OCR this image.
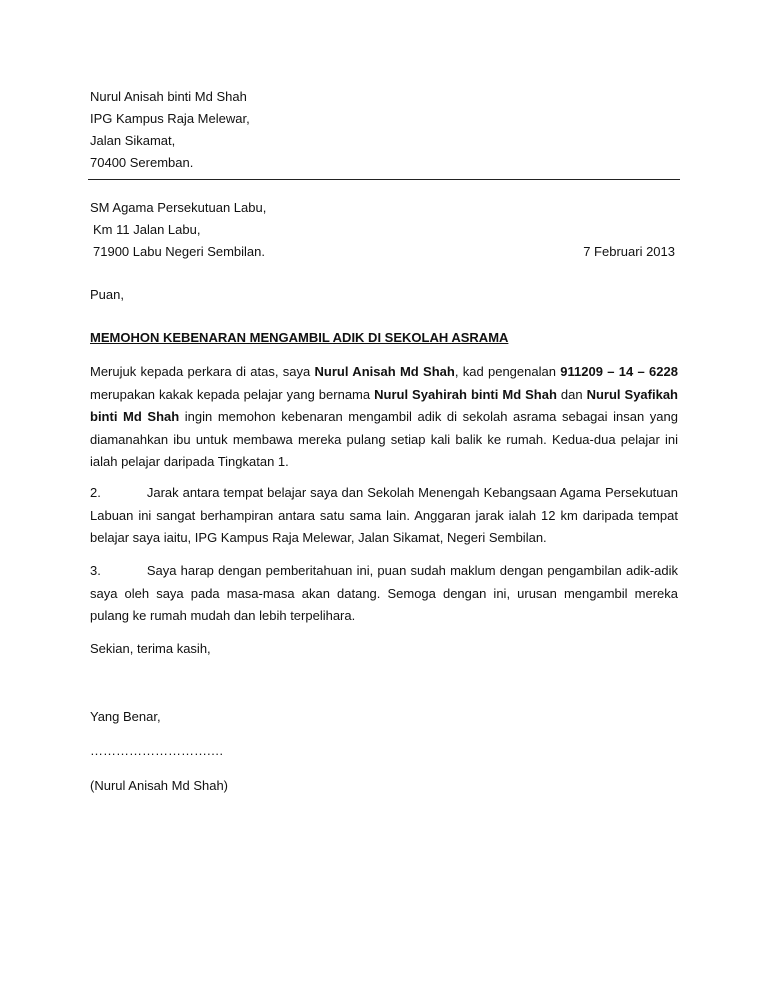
Nurul Anisah binti Md Shah
IPG Kampus Raja Melewar,
Jalan Sikamat,
70400 Seremban.
SM Agama Persekutuan Labu,
Km 11 Jalan Labu,
71900 Labu Negeri Sembilan.	7 Februari 2013
Puan,
MEMOHON KEBENARAN MENGAMBIL ADIK DI SEKOLAH ASRAMA
Merujuk kepada perkara di atas, saya Nurul Anisah Md Shah, kad pengenalan 911209 – 14 – 6228 merupakan kakak kepada pelajar yang bernama Nurul Syahirah binti Md Shah dan Nurul Syafikah binti Md Shah ingin memohon kebenaran mengambil adik di sekolah asrama sebagai insan yang diamanahkan ibu untuk membawa mereka pulang setiap kali balik ke rumah. Kedua-dua pelajar ini ialah pelajar daripada Tingkatan 1.
2.	Jarak antara tempat belajar saya dan Sekolah Menengah Kebangsaan Agama Persekutuan Labuan ini sangat berhampiran antara satu sama lain. Anggaran jarak ialah 12 km daripada tempat belajar saya iaitu, IPG Kampus Raja Melewar, Jalan Sikamat, Negeri Sembilan.
3.	Saya harap dengan pemberitahuan ini, puan sudah maklum dengan pengambilan adik-adik saya oleh saya pada masa-masa akan datang. Semoga dengan ini, urusan mengambil mereka pulang ke rumah mudah dan lebih terpelihara.
Sekian, terima kasih,
Yang Benar,
……………………….…
(Nurul Anisah Md Shah)
